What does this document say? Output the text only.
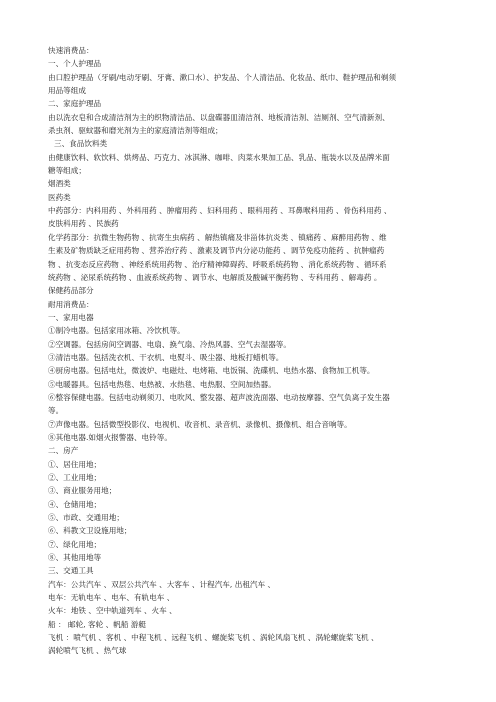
快速消费品：
一、个人护理品
由口腔护理品（牙刷/电动牙刷、牙膏、漱口水）、护发品、个人清洁品、化妆品、纸巾、鞋护理品和剃须
用品等组成
二、家庭护理品
由以洗衣皂和合成清洁剂为主的织物清洁品、以盘碟器皿清洁剂、地板清洁剂、洁厕剂、空气清新剂、
杀虫剂、驱蚊器和磨光剂为主的家庭清洁剂等组成；
三、食品饮料类
由健康饮料、软饮料、烘烤品、巧克力、冰淇淋、咖啡、肉菜水果加工品、乳品、瓶装水以及品牌米面
糖等组成；
烟酒类
医药类
中药部分：内科用药 、外科用药 、肿瘤用药 、妇科用药 、眼科用药 、耳鼻喉科用药 、骨伤科用药 、
皮肤科用药 、民族药
化学药部分：抗微生物药物 、抗寄生虫病药 、解热镇痛及非甾体抗炎类 、镇痛药 、麻醉用药物 、维
生素及矿物质缺乏症用药物 、营养治疗药 、激素及调节内分泌功能药 、调节免疫功能药 、抗肿瘤药
物 、抗变态反应药物 、神经系统用药物 、治疗精神障碍药、呼吸系统药物 、消化系统药物 、循环系
统药物 、泌尿系统药物 、血液系统药物 、调节水、电解质及酸碱平衡药物 、专科用药 、解毒药 。
保健药品部分
耐用消费品：
一、家用电器
①制冷电器。包括家用冰箱、冷饮机等。
②空调器。包括房间空调器、电扇、换气扇、冷热风器、空气去湿器等。
③清洁电器。包括洗衣机、干衣机、电熨斗、吸尘器、地板打蜡机等。
④厨房电器。包括电灶，微波炉、电磁灶、电烤箱、电饭锅、洗碟机、电热水器、食物加工机等。
⑤电暖器具。包括电热毯、电热被、水热毯、电热服、空间加热器。
⑥整容保健电器。包括电动剃须刀、电吹风、整发器、超声波洗面器、电动按摩器、空气负离子发生器
等。
⑦声像电器。包括微型投影仪、电视机、收音机、录音机、录像机、摄像机、组合音响等。
⑧其他电器.如烟火报警器、电铃等。
二、房产
①、居住用地；
②、工业用地；
③、商业服务用地；
④、仓储用地；
⑤、市政、交通用地；
⑥、科教文卫设施用地；
⑦、绿化用地；
⑧、其他用地等
三、交通工具
汽车：公共汽车 、双层公共汽车 、大客车 、计程汽车, 出租汽车 、
电车：无轨电车 、电车、有轨电车 、
火车：地铁 、空中轨道列车 、火车 、
船 ： 邮轮, 客轮 、帆船 游艇
飞机 ：喷气机 、客机 、中程飞机 、远程飞机 、螺旋桨飞机 、涡轮风扇飞机 、涡轮螺旋桨飞机 、
涡轮喷气飞机 、热气球
